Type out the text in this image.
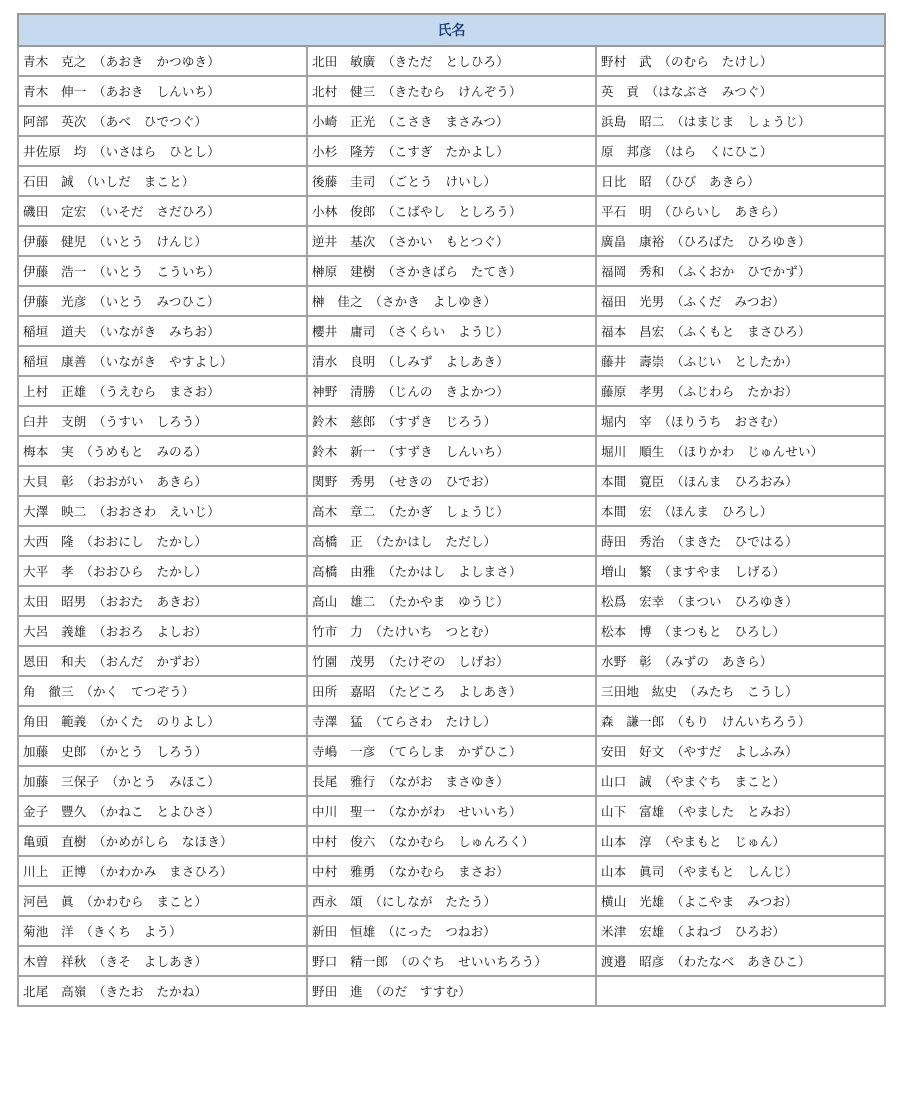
氏名		
青木　克之　（あおき　かつゆき）	北田　敏廣　（きただ　としひろ）	野村　武　（のむら　たけし）
青木　伸一　（あおき　しんいち）	北村　健三　（きたむら　けんぞう）	英　貢　（はなぶさ　みつぐ）
阿部　英次　（あべ　ひでつぐ）	小崎　正光　（こさき　まさみつ）	浜島　昭二　（はまじま　しょうじ）
井佐原　均　（いさはら　ひとし）	小杉　隆芳　（こすぎ　たかよし）	原　邦彦　（はら　くにひこ）
石田　誠　（いしだ　まこと）	後藤　圭司　（ごとう　けいし）	日比　昭　（ひび　あきら）
磯田　定宏　（いそだ　さだひろ）	小林　俊郎　（こばやし　としろう）	平石　明　（ひらいし　あきら）
伊藤　健児　（いとう　けんじ）	逆井　基次　（さかい　もとつぐ）	廣畠　康裕　（ひろばた　ひろゆき）
伊藤　浩一　（いとう　こういち）	榊原　建樹　（さかきばら　たてき）	福岡　秀和　（ふくおか　ひでかず）
伊藤　光彦　（いとう　みつひこ）	榊　佳之　（さかき　よしゆき）	福田　光男　（ふくだ　みつお）
稲垣　道夫　（いながき　みちお）	櫻井　庸司　（さくらい　ようじ）	福本　昌宏　（ふくもと　まさひろ）
稲垣　康善　（いながき　やすよし）	清水　良明　（しみず　よしあき）	藤井　壽崇　（ふじい　としたか）
上村　正雄　（うえむら　まさお）	神野　清勝　（じんの　きよかつ）	藤原　孝男　（ふじわら　たかお）
臼井　支朗　（うすい　しろう）	鈴木　慈郎　（すずき　じろう）	堀内　宰　（ほりうち　おさむ）
梅本　実　（うめもと　みのる）	鈴木　新一　（すずき　しんいち）	堀川　順生　（ほりかわ　じゅんせい）
大貝　彰　（おおがい　あきら）	関野　秀男　（せきの　ひでお）	本間　寛臣　（ほんま　ひろおみ）
大澤　映二　（おおさわ　えいじ）	高木　章二　（たかぎ　しょうじ）	本間　宏　（ほんま　ひろし）
大西　隆　（おおにし　たかし）	高橋　正　（たかはし　ただし）	蒔田　秀治　（まきた　ひではる）
大平　孝　（おおひら　たかし）	高橋　由雅　（たかはし　よしまさ）	増山　繁　（ますやま　しげる）
太田　昭男　（おおた　あきお）	高山　雄二　（たかやま　ゆうじ）	松爲　宏幸　（まつい　ひろゆき）
大呂　義雄　（おおろ　よしお）	竹市　力　（たけいち　つとむ）	松本　博　（まつもと　ひろし）
恩田　和夫　（おんだ　かずお）	竹園　茂男　（たけぞの　しげお）	水野　彰　（みずの　あきら）
角　徹三　（かく　てつぞう）	田所　嘉昭　（たどころ　よしあき）	三田地　紘史　（みたち　こうし）
角田　範義　（かくた　のりよし）	寺澤　猛　（てらさわ　たけし）	森　謙一郎　（もり　けんいちろう）
加藤　史郎　（かとう　しろう）	寺嶋　一彦　（てらしま　かずひこ）	安田　好文　（やすだ　よしふみ）
加藤　三保子　（かとう　みほこ）	長尾　雅行　（ながお　まさゆき）	山口　誠　（やまぐち　まこと）
金子　豐久　（かねこ　とよひさ）	中川　聖一　（なかがわ　せいいち）	山下　富雄　（やました　とみお）
亀頭　直樹　（かめがしら　なほき）	中村　俊六　（なかむら　しゅんろく）	山本　淳　（やまもと　じゅん）
川上　正博　（かわかみ　まさひろ）	中村　雅勇　（なかむら　まさお）	山本　眞司　（やまもと　しんじ）
河邑　眞　（かわむら　まこと）	西永　頌　（にしなが　たたう）	横山　光雄　（よこやま　みつお）
菊池　洋　（きくち　よう）	新田　恒雄　（にった　つねお）	米津　宏雄　（よねづ　ひろお）
木曽　祥秋　（きそ　よしあき）	野口　精一郎　（のぐち　せいいちろう）	渡邉　昭彦　（わたなべ　あきひこ）
北尾　高嶺　（きたお　たかね）	野田　進　（のだ　すすむ）	
